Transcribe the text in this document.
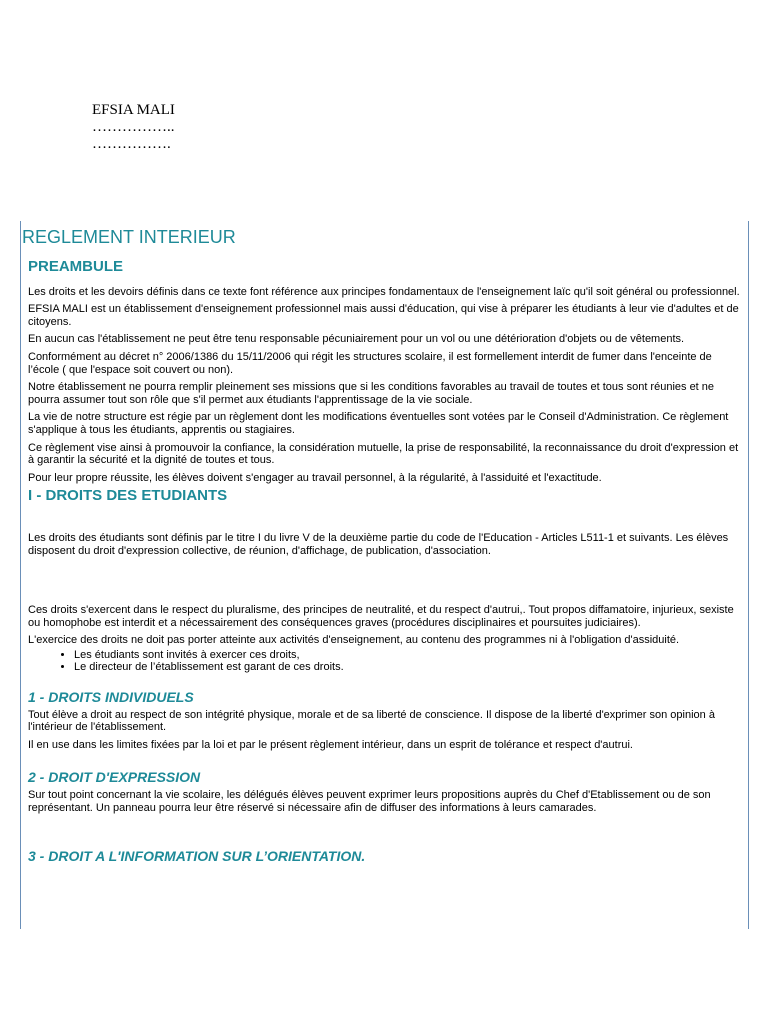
EFSIA MALI
……………..
…………….
REGLEMENT INTERIEUR
PREAMBULE

Les droits et les devoirs définis dans ce texte font référence aux principes fondamentaux de l'enseignement laïc qu'il soit général ou professionnel.

EFSIA MALI est un établissement d'enseignement professionnel mais aussi d'éducation, qui vise à préparer les étudiants à leur vie d'adultes et de citoyens.

En aucun cas l'établissement ne peut être tenu responsable pécuniairement pour un vol ou une détérioration d'objets ou de vêtements.

Conformément au décret n° 2006/1386 du 15/11/2006 qui régit les structures scolaire, il est formellement interdit de fumer dans l'enceinte de l’école ( que l'espace soit couvert ou non).

Notre établissement ne pourra remplir pleinement ses missions que si les conditions favorables au travail de toutes et tous sont réunies et ne pourra assumer tout son rôle que s'il permet aux étudiants l'apprentissage de la vie sociale.

La vie de notre structure est régie par un règlement dont les modifications éventuelles sont votées par le Conseil d'Administration. Ce règlement s'applique à tous les étudiants, apprentis ou stagiaires.

Ce règlement vise ainsi à promouvoir la confiance, la considération mutuelle, la prise de responsabilité, la reconnaissance du droit d'expression et à garantir la sécurité et la dignité de toutes et tous.

Pour leur propre réussite, les élèves doivent s'engager au travail personnel, à la régularité, à l'assiduité et l'exactitude.

I - DROITS DES ETUDIANTS

Les droits des étudiants sont définis par le titre I du livre V de la deuxième partie du code de l'Education - Articles L511-1 et suivants. Les élèves disposent du droit d'expression collective, de réunion, d'affichage, de publication, d'association.

Ces droits s'exercent dans le respect du pluralisme, des principes de neutralité, et du respect d'autrui,. Tout propos diffamatoire, injurieux, sexiste ou homophobe est interdit et a nécessairement des conséquences graves (procédures disciplinaires et poursuites judiciaires).

L'exercice des droits ne doit pas porter atteinte aux activités d'enseignement, au contenu des programmes ni à l'obligation d'assiduité.

• Les étudiants sont invités à exercer ces droits,
• Le directeur de l’établissement est garant de ces droits.
1 - DROITS INDIVIDUELS

Tout élève a droit au respect de son intégrité physique, morale et de sa liberté de conscience. Il dispose de la liberté d'exprimer son opinion à l'intérieur de l'établissement.

Il en use dans les limites fixées par la loi et par le présent règlement intérieur, dans un esprit de tolérance et respect d'autrui.

2 - DROIT D'EXPRESSION

Sur tout point concernant la vie scolaire, les délégués élèves peuvent exprimer leurs propositions auprès du Chef d'Etablissement ou de son représentant. Un panneau pourra leur être réservé si nécessaire afin de diffuser des informations à leurs camarades.

3 - DROIT A L'INFORMATION SUR L’ORIENTATION.
